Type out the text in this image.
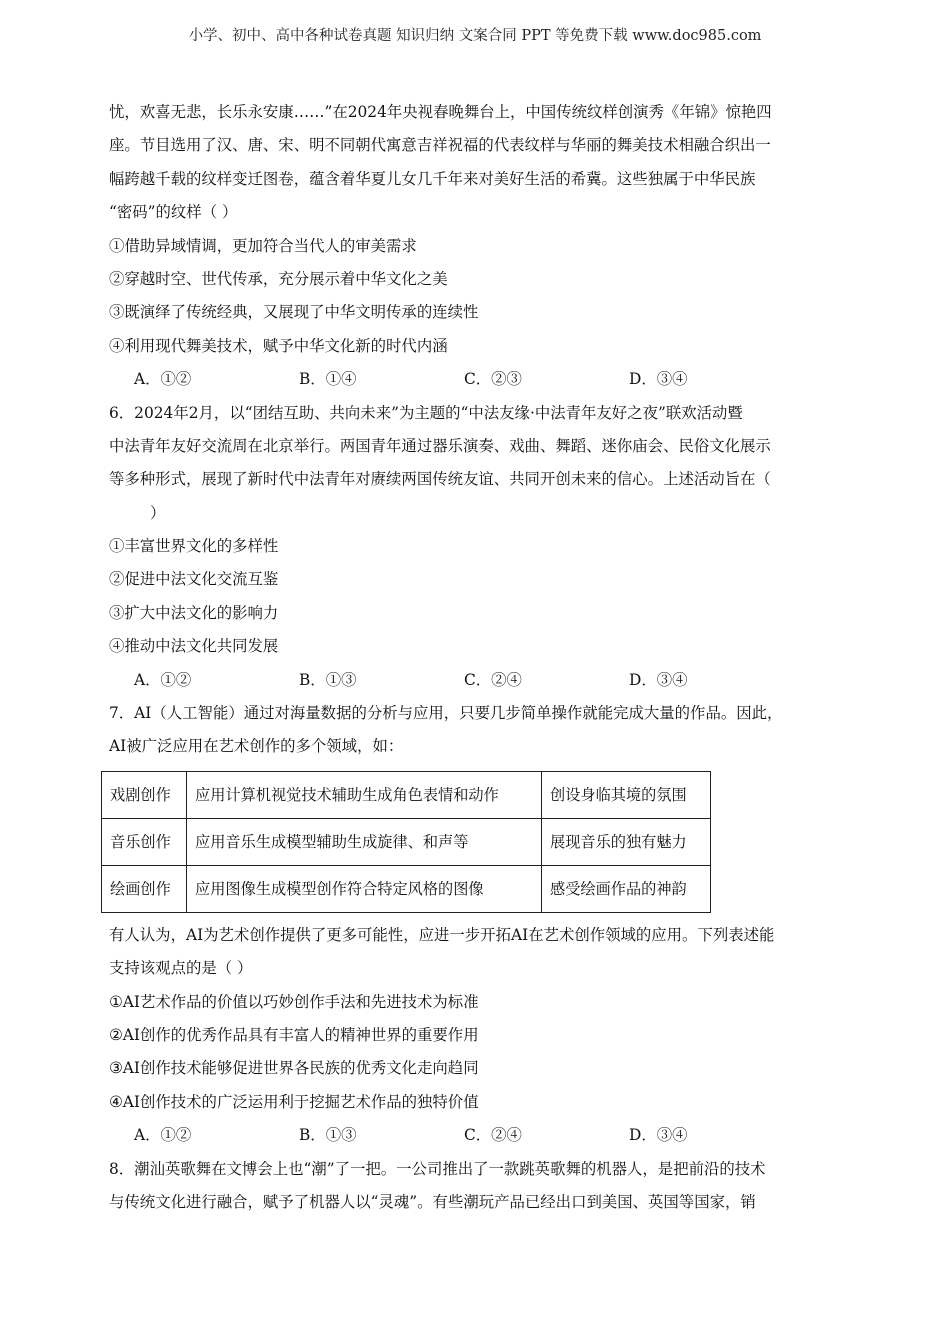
小学、初中、高中各种试卷真题 知识归纳 文案合同 PPT 等免费下载 www.doc985.com
忧，欢喜无悲，长乐永安康……”在2024年央视春晚舞台上，中国传统纹样创演秀《年锦》惊艳四
座。节目选用了汉、唐、宋、明不同朝代寓意吉祥祝福的代表纹样与华丽的舞美技术相融合织出一
幅跨越千载的纹样变迁图卷，蕴含着华夏儿女几千年来对美好生活的希冀。这些独属于中华民族
“密码”的纹样（ ）
①借助异域情调，更加符合当代人的审美需求
②穿越时空、世代传承，充分展示着中华文化之美
③既演绎了传统经典，又展现了中华文明传承的连续性
④利用现代舞美技术，赋予中华文化新的时代内涵
A．①②	B．①④	C．②③	D．③④
6．2024年2月，以“团结互助、共向未来”为主题的“中法友缘·中法青年友好之夜”联欢活动暨
中法青年友好交流周在北京举行。两国青年通过器乐演奏、戏曲、舞蹈、迷你庙会、民俗文化展示
等多种形式，展现了新时代中法青年对赓续两国传统友谊、共同开创未来的信心。上述活动旨在（
）
①丰富世界文化的多样性
②促进中法文化交流互鉴
③扩大中法文化的影响力
④推动中法文化共同发展
A．①②	B．①③	C．②④	D．③④
7．AI（人工智能）通过对海量数据的分析与应用，只要几步简单操作就能完成大量的作品。因此，
AI被广泛应用在艺术创作的多个领域，如：
戏剧创作	应用计算机视觉技术辅助生成角色表情和动作	创设身临其境的氛围
音乐创作	应用音乐生成模型辅助生成旋律、和声等	展现音乐的独有魅力
绘画创作	应用图像生成模型创作符合特定风格的图像	感受绘画作品的神韵
有人认为，AI为艺术创作提供了更多可能性，应进一步开拓AI在艺术创作领域的应用。下列表述能
支持该观点的是（ ）
①AI艺术作品的价值以巧妙创作手法和先进技术为标准
②AI创作的优秀作品具有丰富人的精神世界的重要作用
③AI创作技术能够促进世界各民族的优秀文化走向趋同
④AI创作技术的广泛运用利于挖掘艺术作品的独特价值
A．①②	B．①③	C．②④	D．③④
8．潮汕英歌舞在文博会上也“潮”了一把。一公司推出了一款跳英歌舞的机器人，是把前沿的技术
与传统文化进行融合，赋予了机器人以“灵魂”。有些潮玩产品已经出口到美国、英国等国家，销
